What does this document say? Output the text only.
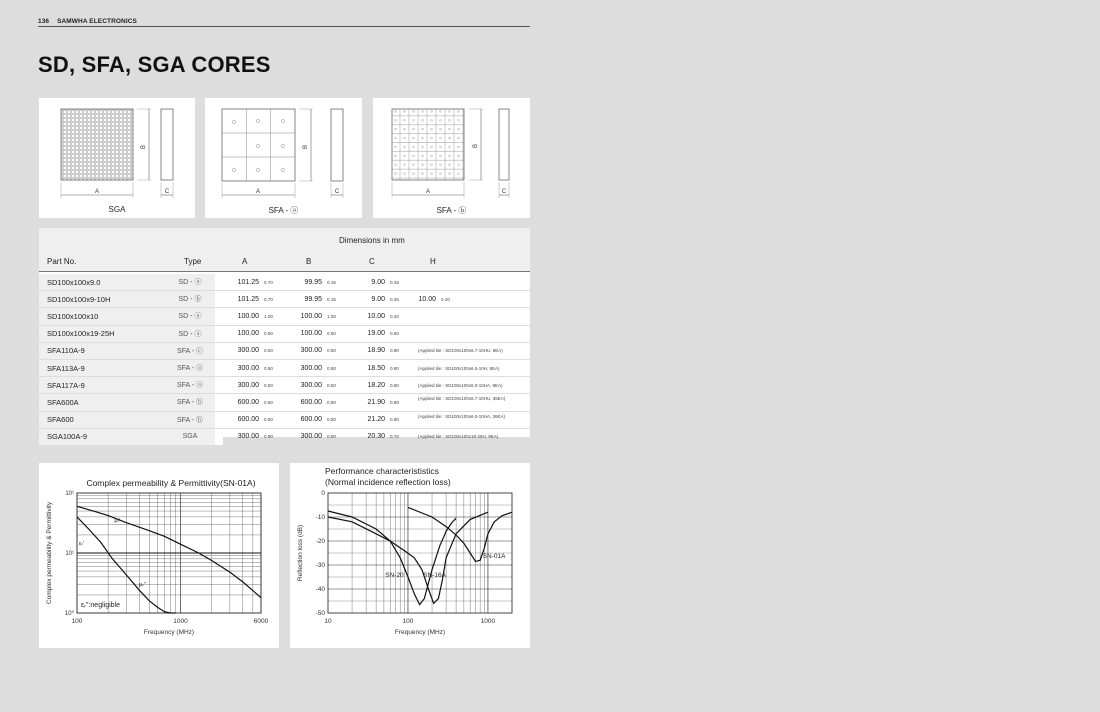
136 SAMWHA ELECTRONICS
SD, SFA, SGA CORES
A
B
C
SGA
A
B
C
SFA - ⓐ
A
B
C
SFA - ⓑ
Dimensions in mm
Part No.	Type	A	B	C	H
SD100x100x9.0	SD - ⓐ		101.25 0.70	99.95 0.15	9.00 0.25	
SD100x100x9-10H	SD - ⓑ		101.25 0.70	99.95 0.15	9.00 0.25	10.00 0.20
SD100x100x10	SD - ⓐ		100.00 1.00	100.00 1.00	10.00 0.20	
SD100x100x19-25H	SD - ⓐ		100.00 0.50	100.00 0.50	19.00 0.50	
SFA110A-9	SFA - ⓒ		300.00 0.50	300.00 0.50	18.90 0.80	(Applied tile : SD100x100x6.7-10HU, 9EA)
SFA113A-9	SFA - ⓐ		300.00 0.50	300.00 0.50	18.50 0.80	(Applied tile : SD100x100x6.5-10H, 9EA)
SFA117A-9	SFA - ⓐ		300.00 0.50	300.00 0.50	18.20 0.80	(Applied tile : SD100x100x6.0-10HA, 9EA)
SFA600A	SFA - ⓑ		600.00 0.50	600.00 0.50	21.90 0.80	(Applied tile : SD100x100x6.7-10HU, 36EA)
SFA600	SFA - ⓑ		600.00 0.50	600.00 0.50	21.20 0.80	(Applied tile : SD100x100x6.0-10HA, 36EA)
SGA100A-9	SGA		300.00 0.90	300.00 0.90	20.30 0.70	(Applied tile : SD100x100x19-25H, 9EA)
Complex permeability & Permittivity(SN-01A)
Frequency (MHz)
Complex permeability & Permittivity
100	1000	6000
10¹
10¹
10⁰
μᵣ'
μᵣ''
εᵣ'
εᵣ'':negligible
Performance characterististics
(Normal incidence reflection loss)
Frequency (MHz)
Reflection loss (dB)
10	100	1000
0
-10
-20
-30
-40
-50
SN-20	SN-16A
SN-01A
